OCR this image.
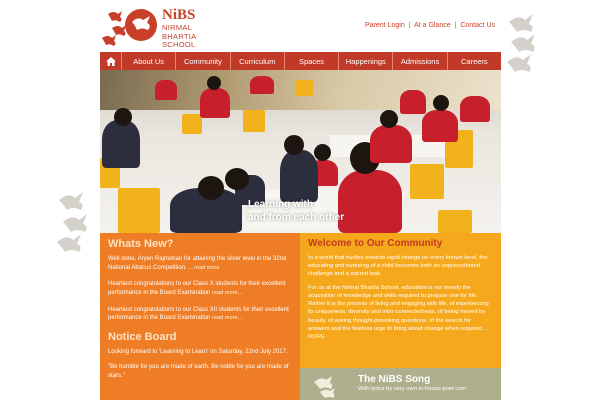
NiBS
NIRMAL
BHARTIA
SCHOOL
Parent Login | At a Glance | Contact Us
About Us	Community	Curriculum	Spaces	Happenings	Admissions	Careers
Learning with
and from each other
Whats New?
Well done, Aryen Rajmohan for attaining the silver level in the 32nd National Abacus Competition. …read more
Heartiest congratulations to our Class X students for their excellent performance in the Board Examination read more…
Heartiest congratulations to our Class XII students for their excellent performance in the Board Examination read more…
Notice Board

Looking forward to 'Learning to Learn' on Saturday, 22nd July 2017.

"Be humble for you are made of earth. Be noble for you are made of stars."

Welcome to Our Community

In a world that hurtles towards rapid change on every known level, the educating and nurturing of a child becomes both an unprecedented challenge and a sacred task.

For us at the Nirmal Bhartia School, education is not merely the acquisition of knowledge and skills required to prepare one for life. Rather it is the process of living and engaging with life, of experiencing its uniqueness, diversity and inter-connectedness, of being moved by beauty, of asking thought-provoking questions, of the search for answers and the fearless urge to bring about change when required… MORE

The NiBS Song

With lyrics by very own in-house poet cum
